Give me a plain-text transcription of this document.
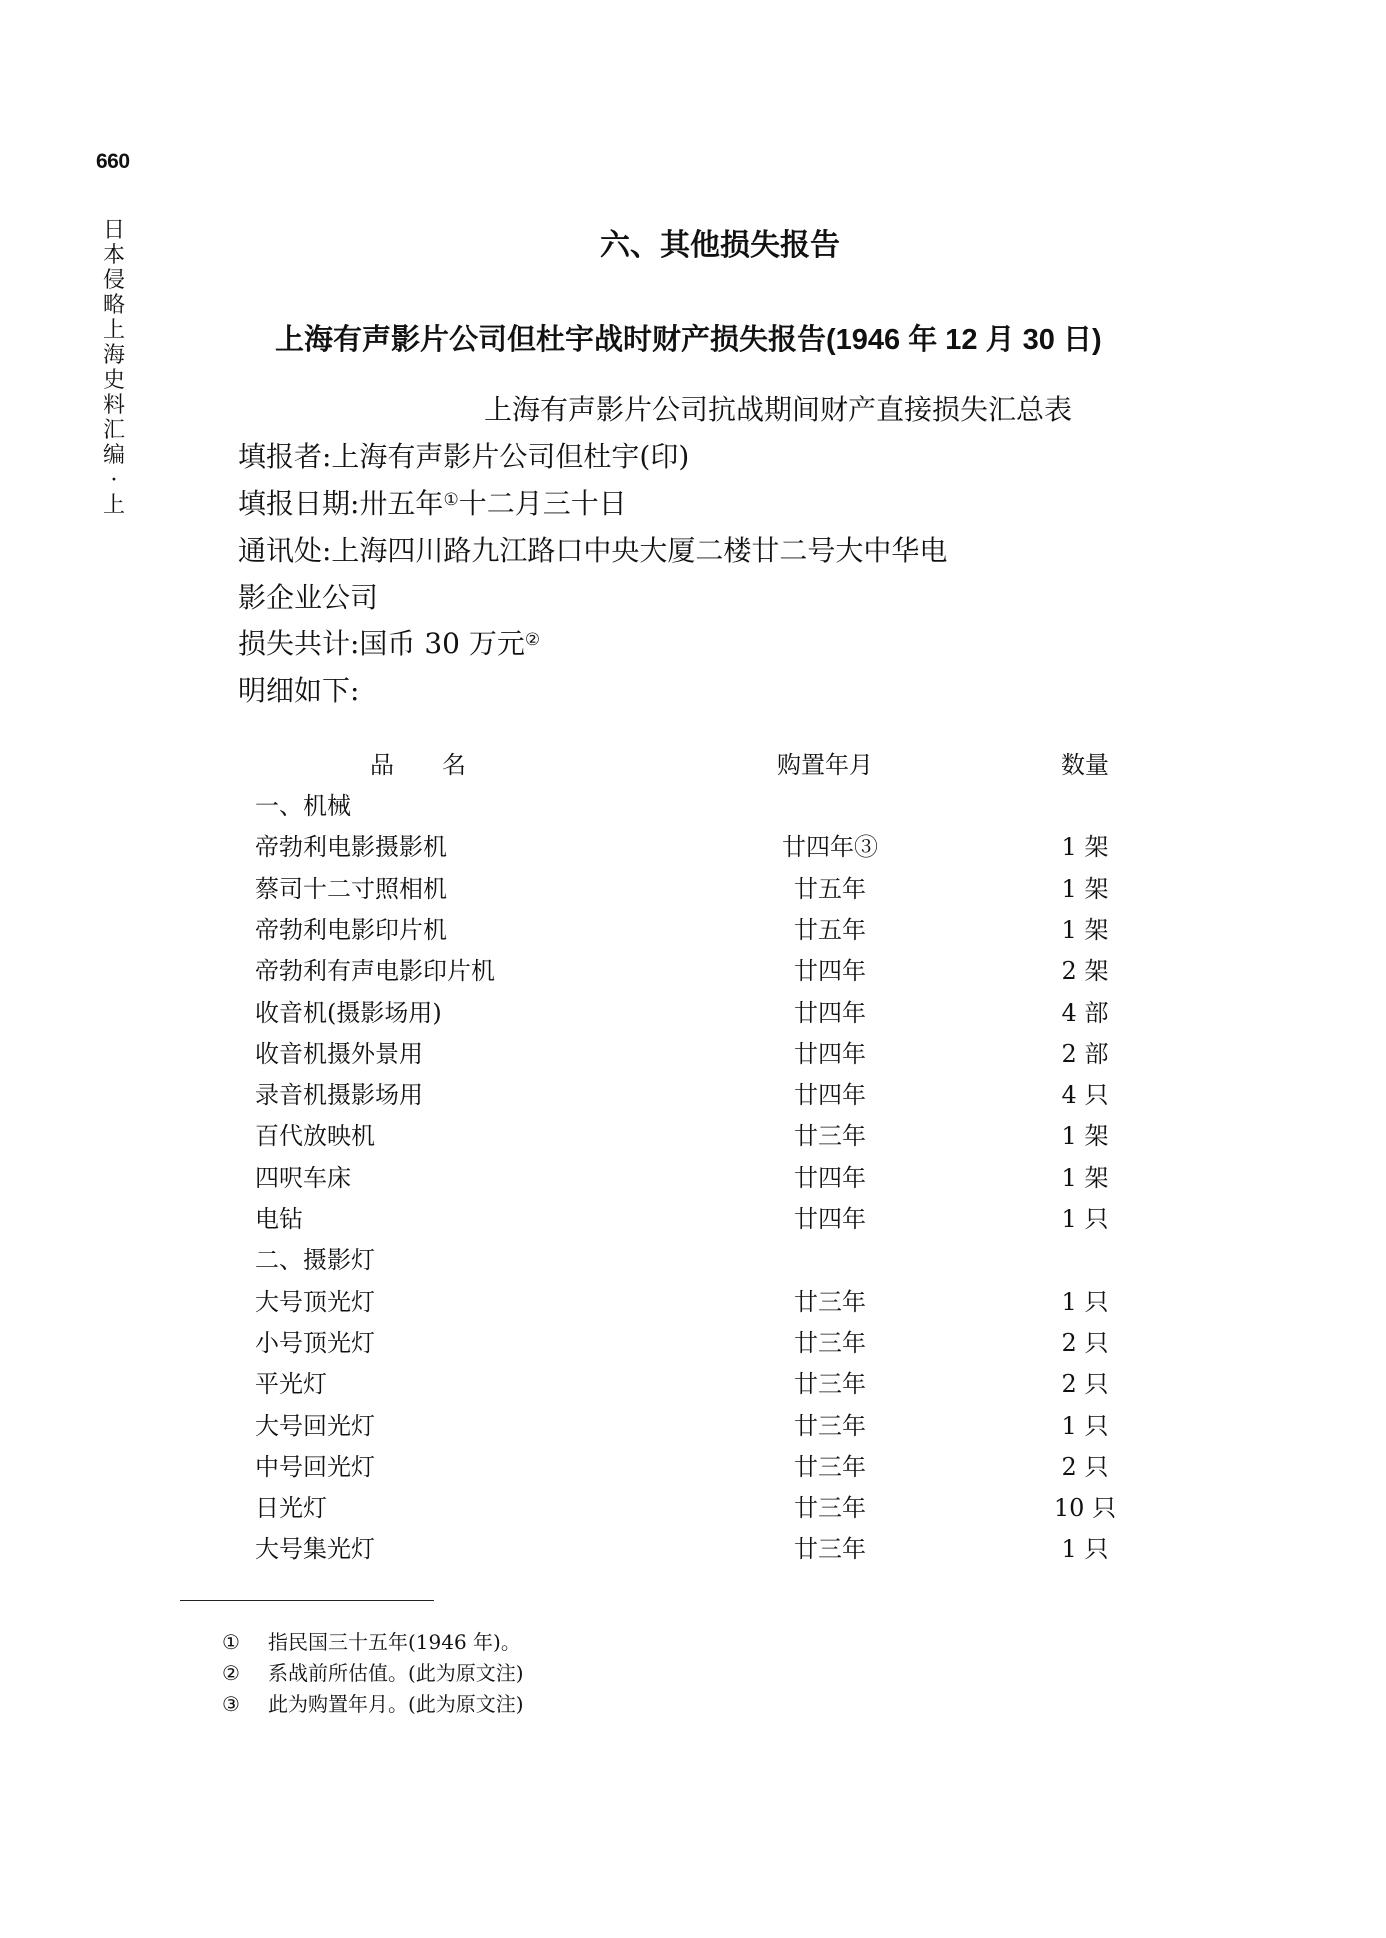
660
日本侵略上海史料汇编·上
六、其他损失报告
上海有声影片公司但杜宇战时财产损失报告(1946 年 12 月 30 日)
上海有声影片公司抗战期间财产直接损失汇总表
填报者:上海有声影片公司但杜宇(印)
填报日期:卅五年①十二月三十日
通讯处:上海四川路九江路口中央大厦二楼廿二号大中华电
影企业公司
损失共计:国币 30 万元②
明细如下:
品　　名	购置年月	数量
一、机械
帝勃利电影摄影机	廿四年③	1 架
蔡司十二寸照相机	廿五年	1 架
帝勃利电影印片机	廿五年	1 架
帝勃利有声电影印片机	廿四年	2 架
收音机(摄影场用)	廿四年	4 部
收音机摄外景用	廿四年	2 部
录音机摄影场用	廿四年	4 只
百代放映机	廿三年	1 架
四呎车床	廿四年	1 架
电钻	廿四年	1 只
二、摄影灯
大号顶光灯	廿三年	1 只
小号顶光灯	廿三年	2 只
平光灯	廿三年	2 只
大号回光灯	廿三年	1 只
中号回光灯	廿三年	2 只
日光灯	廿三年	10 只
大号集光灯	廿三年	1 只
① 指民国三十五年(1946 年)。
② 系战前所估值。(此为原文注)
③ 此为购置年月。(此为原文注)
